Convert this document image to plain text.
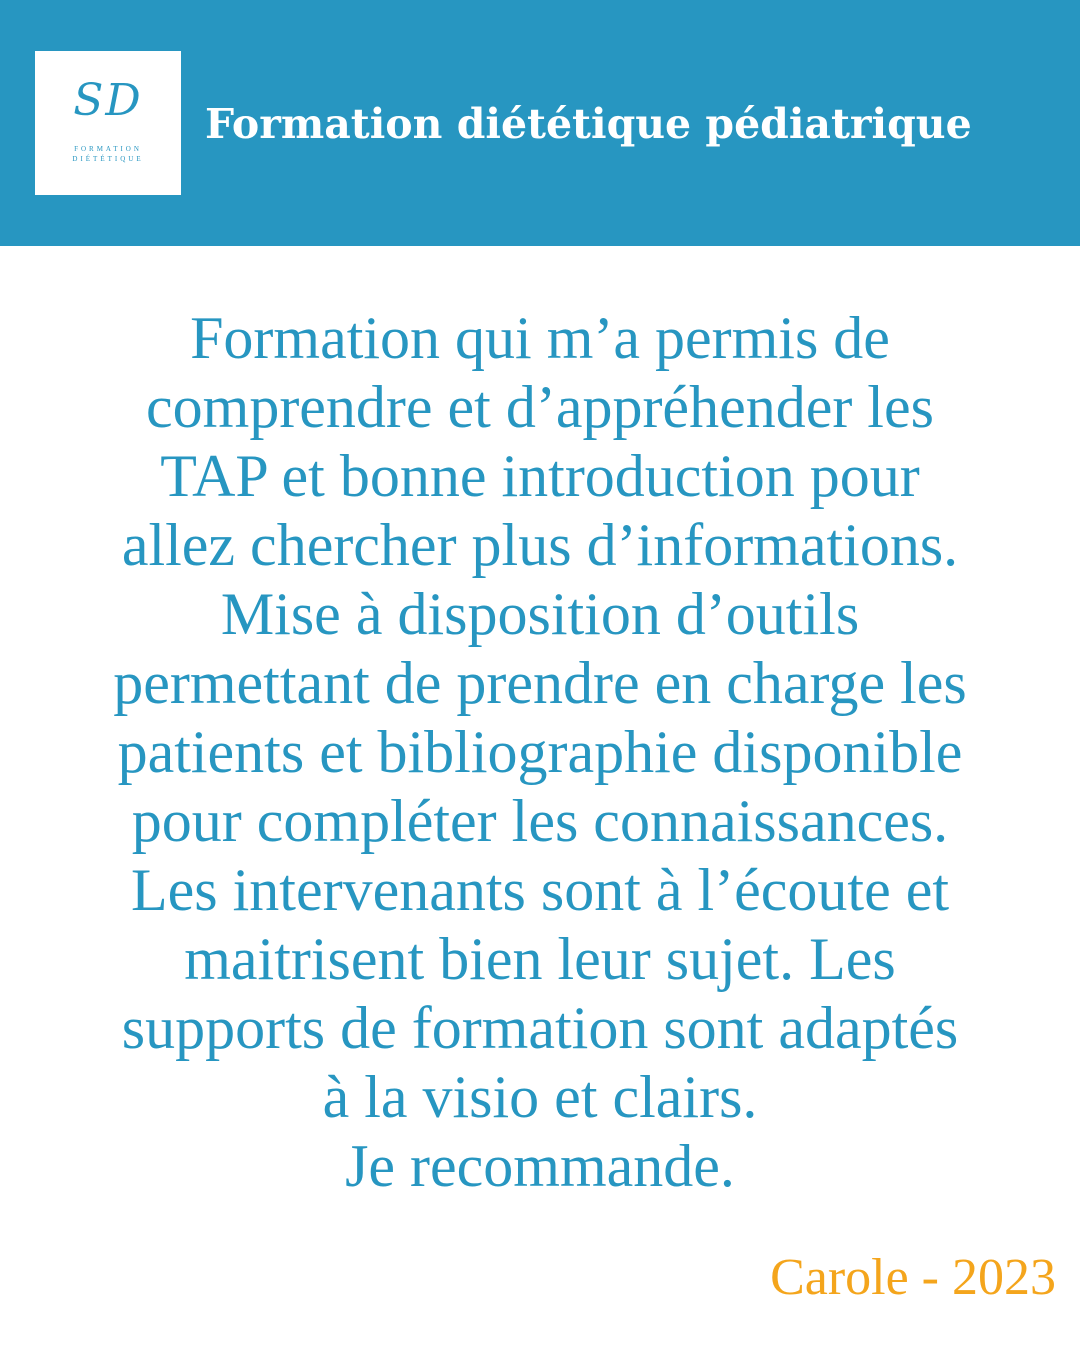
SD
FORMATION
DIÉTÉTIQUE
Formation diététique pédiatrique
Formation qui m’a permis de
comprendre et d’appréhender les
TAP et bonne introduction pour
allez chercher plus d’informations.
Mise à disposition d’outils
permettant de prendre en charge les
patients et bibliographie disponible
pour compléter les connaissances.
Les intervenants sont à l’écoute et
maitrisent bien leur sujet. Les
supports de formation sont adaptés
à la visio et clairs.
Je recommande.
Carole - 2023
